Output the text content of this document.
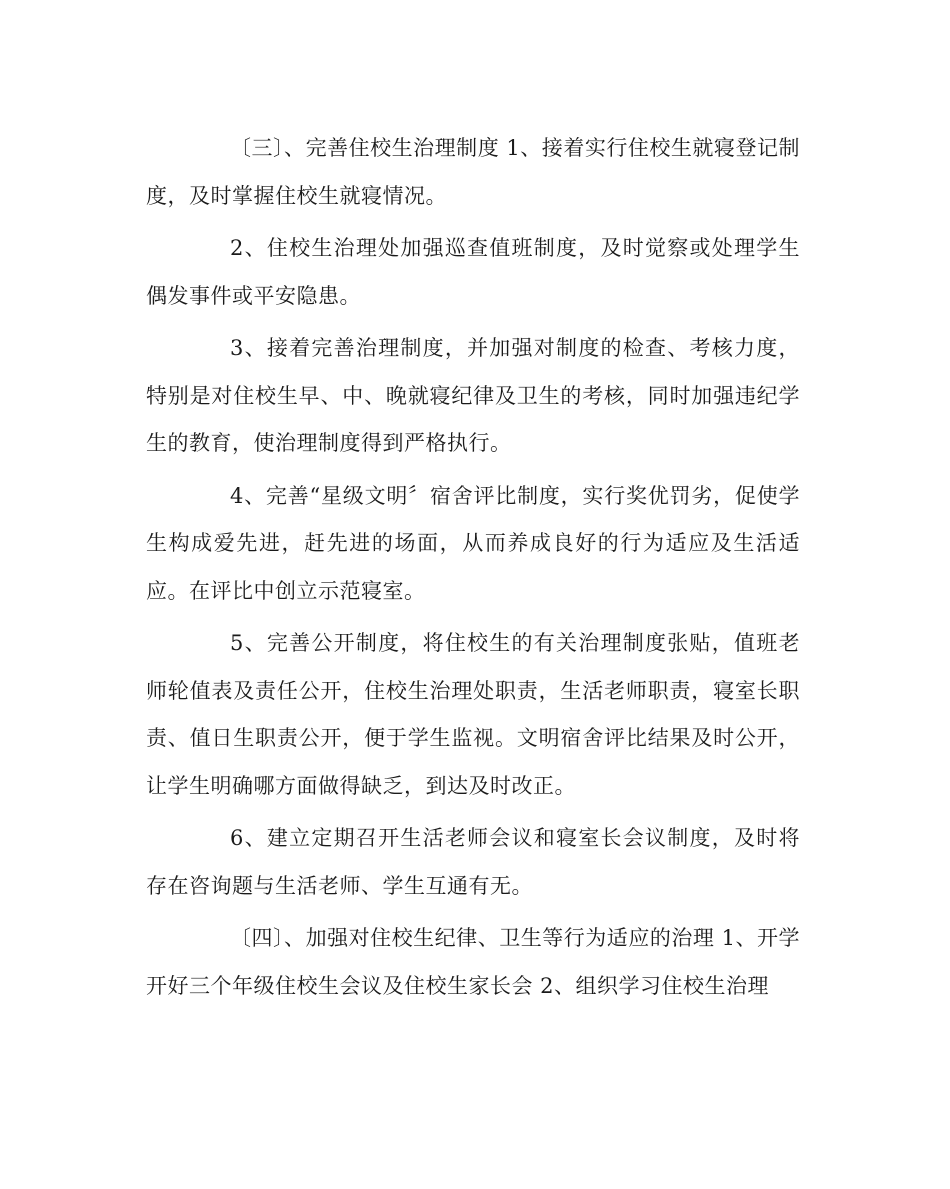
〔三〕、完善住校生治理制度 1、接着实行住校生就寝登记制度，及时掌握住校生就寝情况。

2、住校生治理处加强巡查值班制度，及时觉察或处理学生偶发事件或平安隐患。

3、接着完善治理制度，并加强对制度的检查、考核力度，特别是对住校生早、中、晚就寝纪律及卫生的考核，同时加强违纪学生的教育，使治理制度得到严格执行。

4、完善“星级文明〞宿舍评比制度，实行奖优罚劣，促使学生构成爱先进，赶先进的场面，从而养成良好的行为适应及生活适应。在评比中创立示范寝室。

5、完善公开制度，将住校生的有关治理制度张贴，值班老师轮值表及责任公开，住校生治理处职责，生活老师职责，寝室长职责、值日生职责公开，便于学生监视。文明宿舍评比结果及时公开，让学生明确哪方面做得缺乏，到达及时改正。

6、建立定期召开生活老师会议和寝室长会议制度，及时将存在咨询题与生活老师、学生互通有无。

〔四〕、加强对住校生纪律、卫生等行为适应的治理 1、开学开好三个年级住校生会议及住校生家长会 2、组织学习住校生治理
